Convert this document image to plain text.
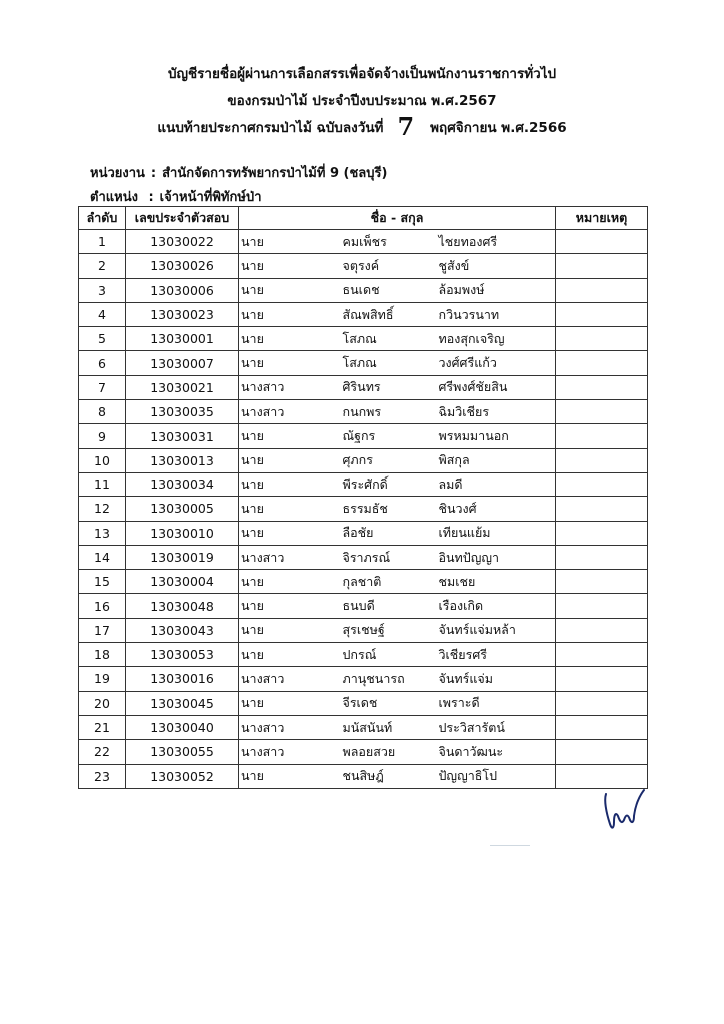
บัญชีรายชื่อผู้ผ่านการเลือกสรรเพื่อจัดจ้างเป็นพนักงานราชการทั่วไป
ของกรมป่าไม้ ประจำปีงบประมาณ พ.ศ.2567
แนบท้ายประกาศกรมป่าไม้ ฉบับลงวันที่ 7 พฤศจิกายน พ.ศ.2566
หน่วยงาน : สำนักจัดการทรัพยากรป่าไม้ที่ 9 (ชลบุรี)
ตำแหน่ง : เจ้าหน้าที่พิทักษ์ป่า
ลำดับ	เลขประจำตัวสอบ	ชื่อ - สกุล			หมายเหตุ
1	13030022	นาย	คมเพ็ชร	ไชยทองศรี	
2	13030026	นาย	จตุรงค์	ชูสังข์	
3	13030006	นาย	ธนเดช	ล้อมพงษ์	
4	13030023	นาย	สัณพสิทธิ์	กวินวรนาท	
5	13030001	นาย	โสภณ	ทองสุกเจริญ	
6	13030007	นาย	โสภณ	วงศ์ศรีแก้ว	
7	13030021	นางสาว	ศิรินทร	ศรีพงศ์ชัยสิน	
8	13030035	นางสาว	กนกพร	ฉิมวิเชียร	
9	13030031	นาย	ณัฐกร	พรหมมานอก	
10	13030013	นาย	ศุภกร	พิสกุล	
11	13030034	นาย	พีระศักดิ์	ลมดี	
12	13030005	นาย	ธรรมธัช	ชินวงศ์	
13	13030010	นาย	ลือชัย	เทียนแย้ม	
14	13030019	นางสาว	จิราภรณ์	อินทปัญญา	
15	13030004	นาย	กุลชาติ	ชมเชย	
16	13030048	นาย	ธนบดี	เรืองเกิด	
17	13030043	นาย	สุรเชษฐ์	จันทร์แจ่มหล้า	
18	13030053	นาย	ปกรณ์	วิเชียรศรี	
19	13030016	นางสาว	ภานุชนารถ	จันทร์แจ่ม	
20	13030045	นาย	จีรเดช	เพราะดี	
21	13030040	นางสาว	มนัสนันท์	ประวิสารัตน์	
22	13030055	นางสาว	พลอยสวย	จินดาวัฒนะ	
23	13030052	นาย	ชนสิษฎ์	ปัญญาธิโป	
